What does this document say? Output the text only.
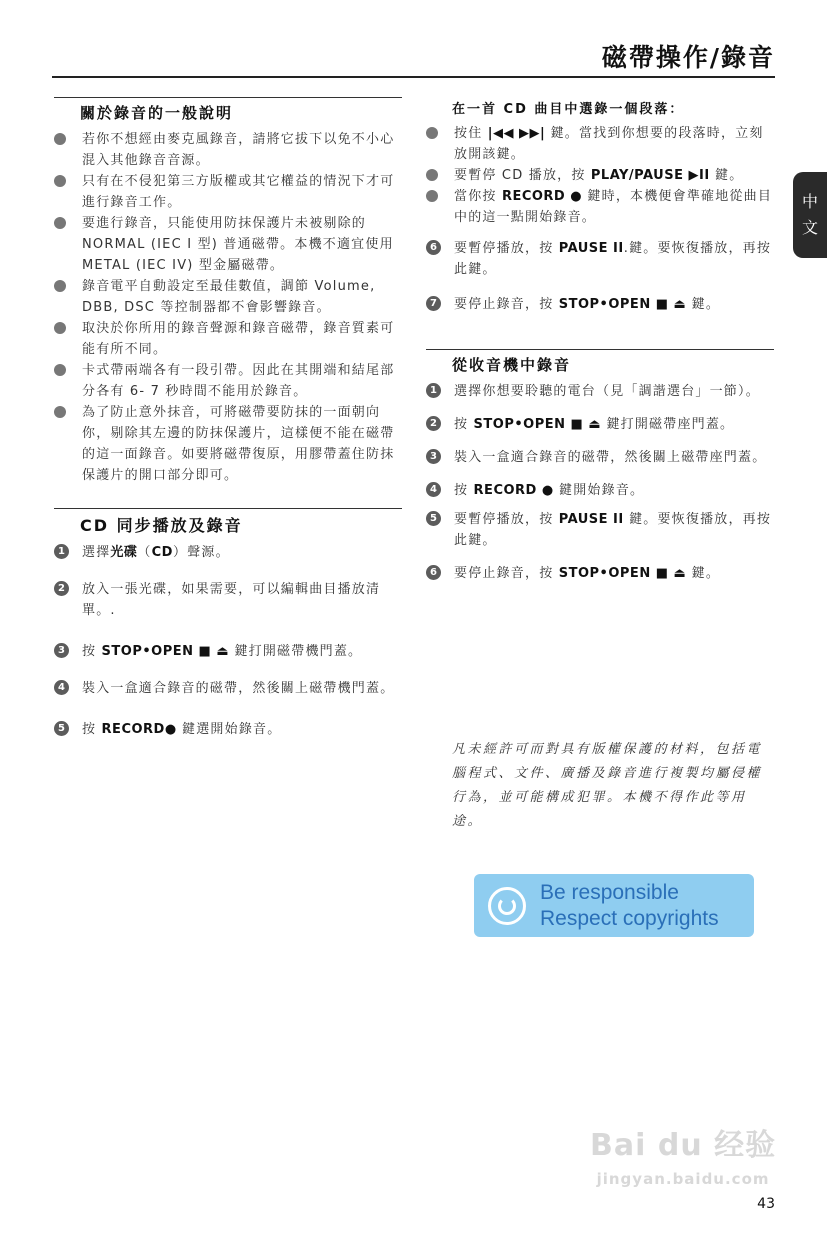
磁帶操作/錄音
中
文
關於錄音的一般說明
若你不想經由麥克風錄音，請將它拔下以免不小心混入其他錄音音源。
只有在不侵犯第三方版權或其它權益的情況下才可進行錄音工作。
要進行錄音，只能使用防抹保護片未被剔除的 NORMAL (IEC I 型) 普通磁帶。本機不適宜使用 METAL (IEC IV) 型金屬磁帶。
錄音電平自動設定至最佳數值，調節 Volume, DBB, DSC 等控制器都不會影響錄音。
取決於你所用的錄音聲源和錄音磁帶，錄音質素可能有所不同。
卡式帶兩端各有一段引帶。因此在其開端和結尾部分各有 6- 7 秒時間不能用於錄音。
為了防止意外抹音，可將磁帶要防抹的一面朝向你，剔除其左邊的防抹保護片，這樣便不能在磁帶的這一面錄音。如要將磁帶復原，用膠帶蓋住防抹保護片的開口部分即可。
CD 同步播放及錄音
1	選擇光碟（CD）聲源。
2	放入一張光碟，如果需要，可以編輯曲目播放清單。.
3	按 STOP•OPEN ■ ⏏ 鍵打開磁帶機門蓋。
4	裝入一盒適合錄音的磁帶，然後關上磁帶機門蓋。
5	按 RECORD● 鍵選開始錄音。
在一首 CD 曲目中選錄一個段落：
按住 |◀◀ ▶▶| 鍵。當找到你想要的段落時，立刻放開該鍵。
要暫停 CD 播放，按 PLAY/PAUSE ▶II 鍵。
當你按 RECORD ● 鍵時，本機便會準確地從曲目中的這一點開始錄音。
6	要暫停播放，按 PAUSE II.鍵。要恢復播放，再按此鍵。
7	要停止錄音，按 STOP•OPEN ■ ⏏ 鍵。
從收音機中錄音
1	選擇你想要聆聽的電台（見「調諧選台」一節）。
2	按 STOP•OPEN ■ ⏏ 鍵打開磁帶座門蓋。
3	裝入一盒適合錄音的磁帶，然後關上磁帶座門蓋。
4	按 RECORD ● 鍵開始錄音。
5	要暫停播放，按 PAUSE II 鍵。要恢復播放，再按此鍵。
6	要停止錄音，按 STOP•OPEN ■ ⏏ 鍵。
凡未經許可而對具有版權保護的材料，包括電腦程式、文件、廣播及錄音進行複製均屬侵權行為，並可能構成犯罪。本機不得作此等用途。
Be responsible
Respect copyrights
Bai du 经验
jingyan.baidu.com
43
